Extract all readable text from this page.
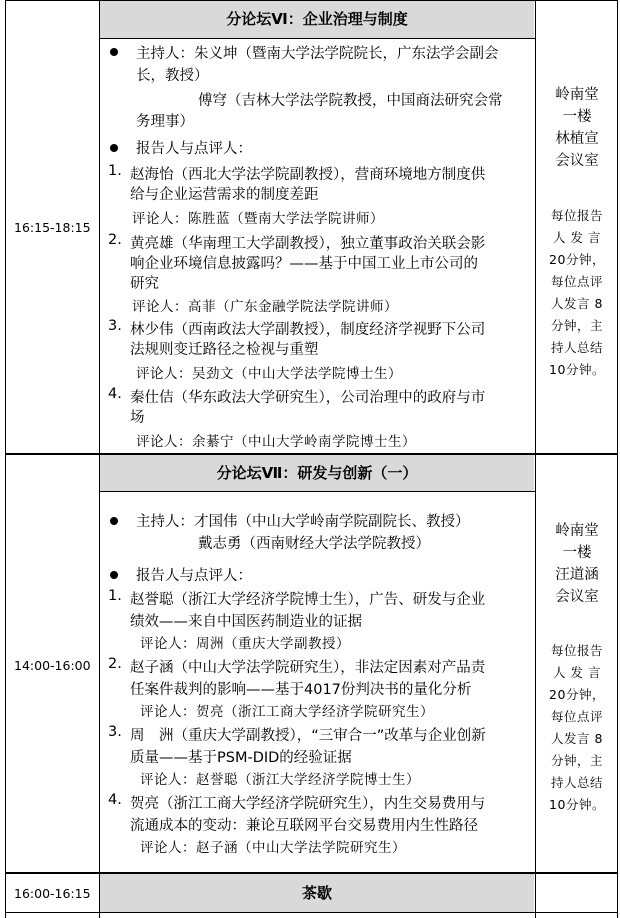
分论坛Ⅵ：企业治理与制度
16:15-18:15
主持人：朱义坤（暨南大学法学院院长，广东法学会副会
长，教授）
傅穹（吉林大学法学院教授，中国商法研究会常
务理事）
报告人与点评人：
1. 赵海怡（西北大学法学院副教授），营商环境地方制度供
给与企业运营需求的制度差距
评论人：陈胜蓝（暨南大学法学院讲师）
2. 黄亮雄（华南理工大学副教授），独立董事政治关联会影
响企业环境信息披露吗？——基于中国工业上市公司的
研究
评论人：高菲（广东金融学院法学院讲师）
3. 林少伟（西南政法大学副教授），制度经济学视野下公司
法规则变迁路径之检视与重塑
评论人：吴劲文（中山大学法学院博士生）
4. 秦仕佶（华东政法大学研究生），公司治理中的政府与市
场
评论人：余綦宁（中山大学岭南学院博士生）
岭南堂
一楼
林植宣
会议室
每位报告
人 发 言
20分钟，
每位点评
人发言 8
分钟，主
持人总结
10分钟。
分论坛Ⅶ：研发与创新（一）
14:00-16:00
主持人：才国伟（中山大学岭南学院副院长、教授）
戴志勇（西南财经大学法学院教授）
报告人与点评人：
1. 赵誉聪（浙江大学经济学院博士生），广告、研发与企业
绩效——来自中国医药制造业的证据
评论人：周洲（重庆大学副教授）
2. 赵子涵（中山大学法学院研究生），非法定因素对产品责
任案件裁判的影响——基于4017份判决书的量化分析
评论人：贺亮（浙江工商大学经济学院研究生）
3. 周　洲（重庆大学副教授），“三审合一”改革与企业创新
质量——基于PSM-DID的经验证据
评论人：赵誉聪（浙江大学经济学院博士生）
4. 贺亮（浙江工商大学经济学院研究生），内生交易费用与
流通成本的变动：兼论互联网平台交易费用内生性路径
评论人：赵子涵（中山大学法学院研究生）
岭南堂
一楼
汪道涵
会议室
每位报告
人 发 言
20分钟，
每位点评
人发言 8
分钟，主
持人总结
10分钟。
16:00-16:15	茶歇
